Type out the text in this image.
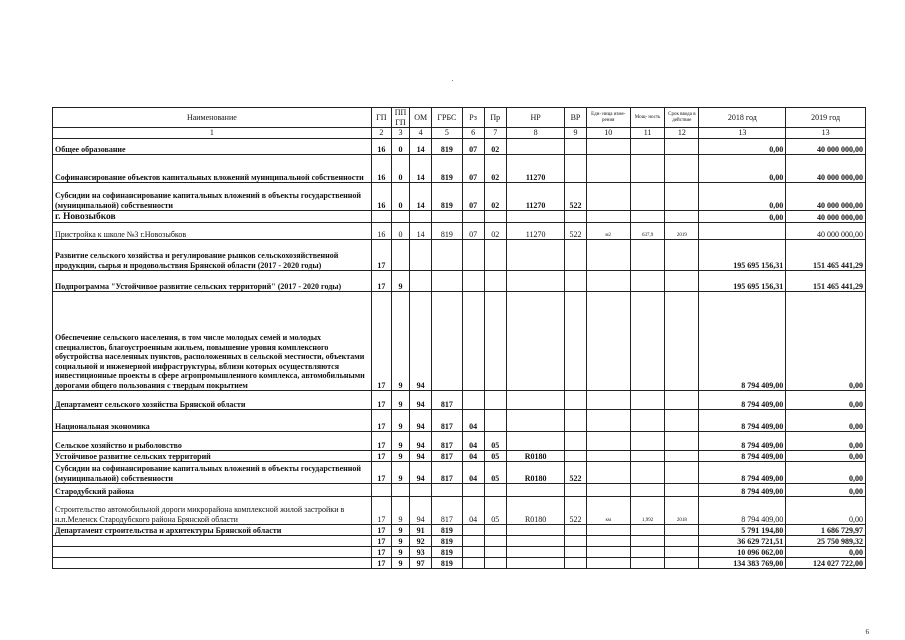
Наименование	ГП	ППГП	ОМ	ГРБС	Рз	Пр	НР	ВР	Еди- ница изме- рения	Мощ- ность	Срок ввода в действие	2018 год	2019 год
1	2	3	4	5	6	7	8	9	10	11	12	13	13
Общее образование	16	0	14	819	07	02						0,00	40 000 000,00
Софинансирование объектов капитальных вложений муниципальной собственности	16	0	14	819	07	02	11270					0,00	40 000 000,00
Субсидии на софинансирование капитальных вложений в объекты государственной (муниципальной) собственности	16	0	14	819	07	02	11270	522				0,00	40 000 000,00
г. Новозыбков												0,00	40 000 000,00
Пристройка к школе №3 г.Новозыбков	16	0	14	819	07	02	11270	522	м2	637,9	2019		40 000 000,00
Развитие сельского хозяйства и регулирование рынков сельскохозяйственной продукции, сырья и продовольствия Брянской области (2017 - 2020 годы)	17											195 695 156,31	151 465 441,29
Подпрограмма "Устойчивое развитие сельских территорий" (2017 - 2020 годы)	17	9										195 695 156,31	151 465 441,29
Обеспечение сельского населения, в том числе молодых семей и молодых специалистов, благоустроенным жильем, повышение уровня комплексного обустройства населенных пунктов, расположенных в сельской местности, объектами социальной и инженерной инфраструктуры, вблизи которых осуществляются инвестиционные проекты в сфере агропромышленного комплекса, автомобильными дорогами общего пользования с твердым покрытием	17	9	94									8 794 409,00	0,00
Департамент сельского хозяйства Брянской области	17	9	94	817								8 794 409,00	0,00
Национальная экономика	17	9	94	817	04							8 794 409,00	0,00
Сельское хозяйство и рыболовство	17	9	94	817	04	05						8 794 409,00	0,00
Устойчивое развитие сельских территорий	17	9	94	817	04	05	R0180					8 794 409,00	0,00
Субсидии на софинансирование капитальных вложений в объекты государственной (муниципальной) собственности	17	9	94	817	04	05	R0180	522				8 794 409,00	0,00
Стародубский района												8 794 409,00	0,00
Строительство автомобильной дороги микрорайона комплексной жилой застройки в н.п.Меленск Стародубского района Брянской области	17	9	94	817	04	05	R0180	522	км	1,992	2018	8 794 409,00	0,00
Департамент строительства и архитектуры Брянской области	17	9	91	819								5 791 194,80	1 686 729,97
	17	9	92	819								36 629 721,51	25 750 989,32
	17	9	93	819								10 096 062,00	0,00
	17	9	97	819								134 383 769,00	124 027 722,00
6
